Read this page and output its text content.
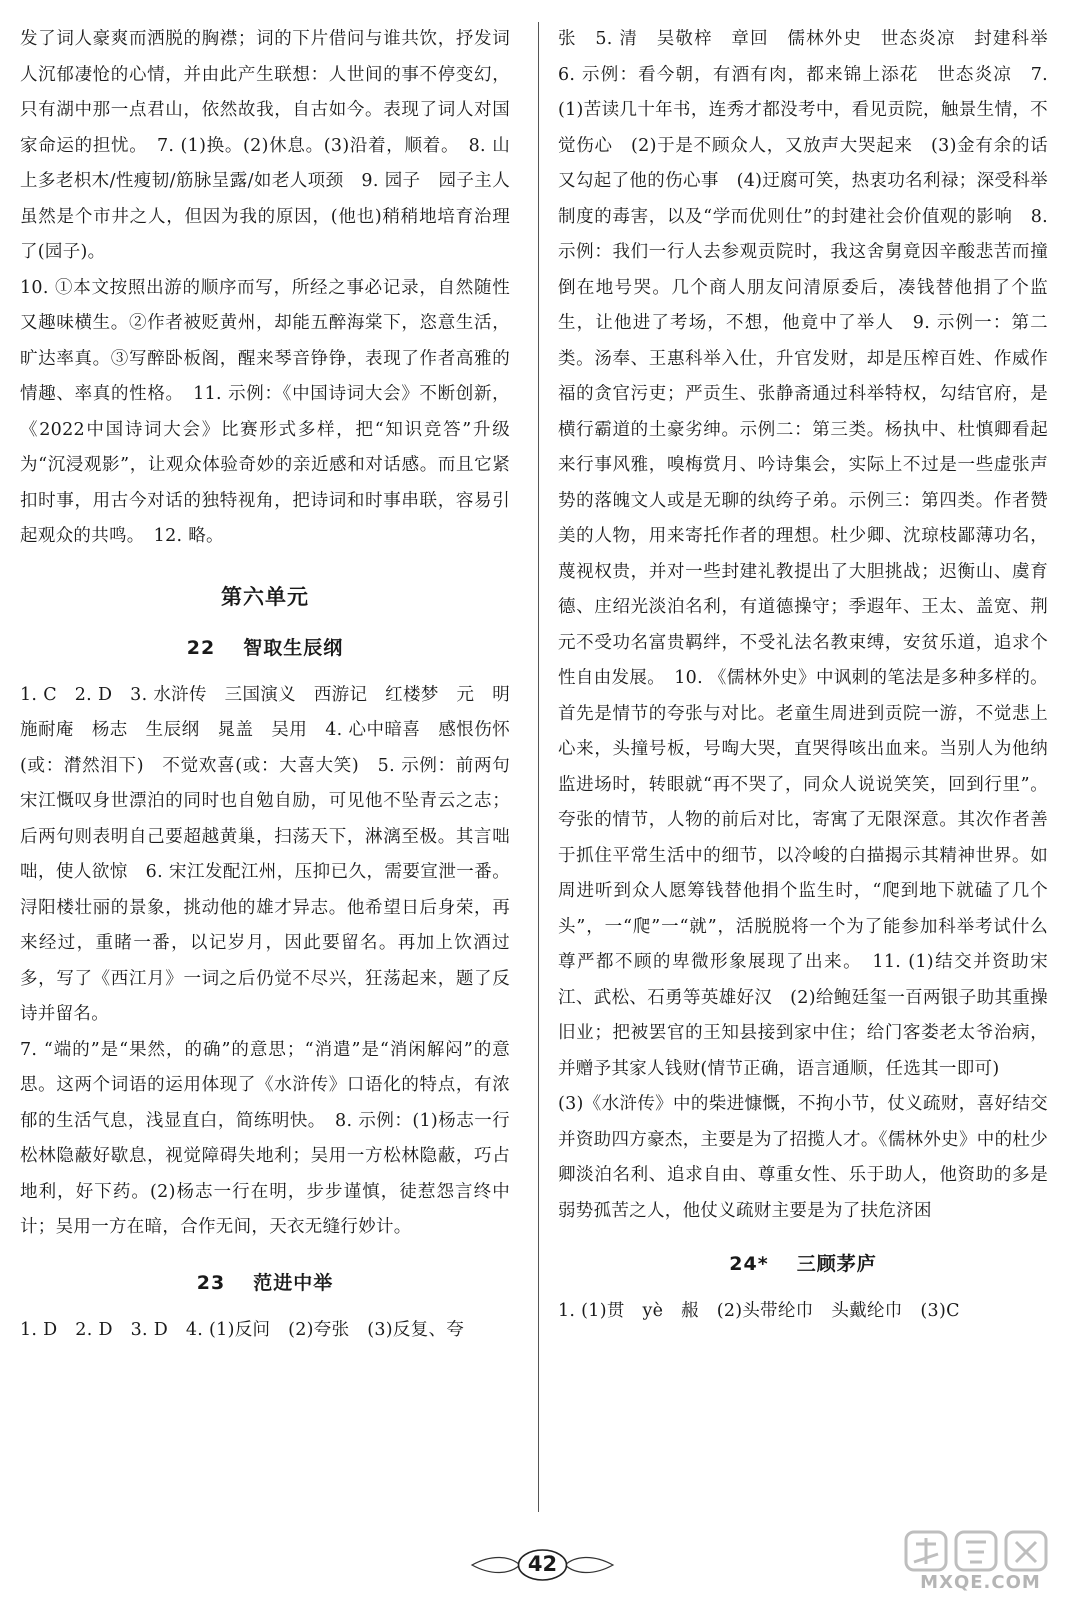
发了词人豪爽而洒脱的胸襟；词的下片借问与谁共饮，抒发词人沉郁凄怆的心情，并由此产生联想：人世间的事不停变幻，只有湖中那一点君山，依然故我，自古如今。表现了词人对国家命运的担忧。　7. (1)换。(2)休息。(3)沿着，顺着。　8. 山上多老枳木/性瘦韧/筋脉呈露/如老人项颈　9. 园子　园子主人虽然是个市井之人，但因为我的原因，(他也)稍稍地培育治理了(园子)。

10. ①本文按照出游的顺序而写，所经之事必记录，自然随性又趣味横生。②作者被贬黄州，却能五醉海棠下，恣意生活，旷达率真。③写醉卧板阁，醒来琴音铮铮，表现了作者高雅的情趣、率真的性格。　11. 示例：《中国诗词大会》不断创新，《2022中国诗词大会》比赛形式多样，把“知识竞答”升级为“沉浸观影”，让观众体验奇妙的亲近感和对话感。而且它紧扣时事，用古今对话的独特视角，把诗词和时事串联，容易引起观众的共鸣。　12. 略。

第六单元
22 智取生辰纲

1. C　2. D　3. 水浒传　三国演义　西游记　红楼梦　元　明　施耐庵　杨志　生辰纲　晁盖　吴用　4. 心中暗喜　感恨伤怀(或：潸然泪下)　不觉欢喜(或：大喜大笑)　5. 示例：前两句宋江慨叹身世漂泊的同时也自勉自励，可见他不坠青云之志；后两句则表明自己要超越黄巢，扫荡天下，淋漓至极。其言咄咄，使人欲惊　6. 宋江发配江州，压抑已久，需要宣泄一番。浔阳楼壮丽的景象，挑动他的雄才异志。他希望日后身荣，再来经过，重睹一番，以记岁月，因此要留名。再加上饮酒过多，写了《西江月》一词之后仍觉不尽兴，狂荡起来，题了反诗并留名。

7. “端的”是“果然，的确”的意思；“消遣”是“消闲解闷”的意思。这两个词语的运用体现了《水浒传》口语化的特点，有浓郁的生活气息，浅显直白，简练明快。　8. 示例：(1)杨志一行松林隐蔽好歇息，视觉障碍失地利；吴用一方松林隐蔽，巧占地利，好下药。(2)杨志一行在明，步步谨慎，徒惹怨言终中计；吴用一方在暗，合作无间，天衣无缝行妙计。

23 范进中举

1. D　2. D　3. D　4. (1)反问　(2)夸张　(3)反复、夸

张　5. 清　吴敬梓　章回　儒林外史　世态炎凉　封建科举　6. 示例：看今朝，有酒有肉，都来锦上添花　世态炎凉　7. (1)苦读几十年书，连秀才都没考中，看见贡院，触景生情，不觉伤心　(2)于是不顾众人，又放声大哭起来　(3)金有余的话又勾起了他的伤心事　(4)迂腐可笑，热衷功名利禄；深受科举制度的毒害，以及“学而优则仕”的封建社会价值观的影响　8. 示例：我们一行人去参观贡院时，我这舍舅竟因辛酸悲苦而撞倒在地号哭。几个商人朋友问清原委后，凑钱替他捐了个监生，让他进了考场，不想，他竟中了举人　9. 示例一：第二类。汤奉、王惠科举入仕，升官发财，却是压榨百姓、作威作福的贪官污吏；严贡生、张静斋通过科举特权，勾结官府，是横行霸道的土豪劣绅。示例二：第三类。杨执中、杜慎卿看起来行事风雅，嗅梅赏月、吟诗集会，实际上不过是一些虚张声势的落魄文人或是无聊的纨绔子弟。示例三：第四类。作者赞美的人物，用来寄托作者的理想。杜少卿、沈琼枝鄙薄功名，蔑视权贵，并对一些封建礼教提出了大胆挑战；迟衡山、虞育德、庄绍光淡泊名利，有道德操守；季遐年、王太、盖宽、荆元不受功名富贵羁绊，不受礼法名教束缚，安贫乐道，追求个性自由发展。　10. 《儒林外史》中讽刺的笔法是多种多样的。首先是情节的夸张与对比。老童生周进到贡院一游，不觉悲上心来，头撞号板，号啕大哭，直哭得咳出血来。当别人为他纳监进场时，转眼就“再不哭了，同众人说说笑笑，回到行里”。夸张的情节，人物的前后对比，寄寓了无限深意。其次作者善于抓住平常生活中的细节，以冷峻的白描揭示其精神世界。如周进听到众人愿筹钱替他捐个监生时，“爬到地下就磕了几个头”，一“爬”一“就”，活脱脱将一个为了能参加科举考试什么尊严都不顾的卑微形象展现了出来。　11. (1)结交并资助宋江、武松、石勇等英雄好汉　(2)给鲍廷玺一百两银子助其重操旧业；把被罢官的王知县接到家中住；给门客娄老太爷治病，并赠予其家人钱财(情节正确，语言通顺，任选其一即可)

(3)《水浒传》中的柴进慷慨，不拘小节，仗义疏财，喜好结交并资助四方豪杰，主要是为了招揽人才。《儒林外史》中的杜少卿淡泊名利、追求自由、尊重女性、乐于助人，他资助的多是弱势孤苦之人，他仗义疏财主要是为了扶危济困

24* 三顾茅庐

1. (1)贯　yè　赧　(2)头带纶巾　头戴纶巾　(3)C

42
MXQE.COM
